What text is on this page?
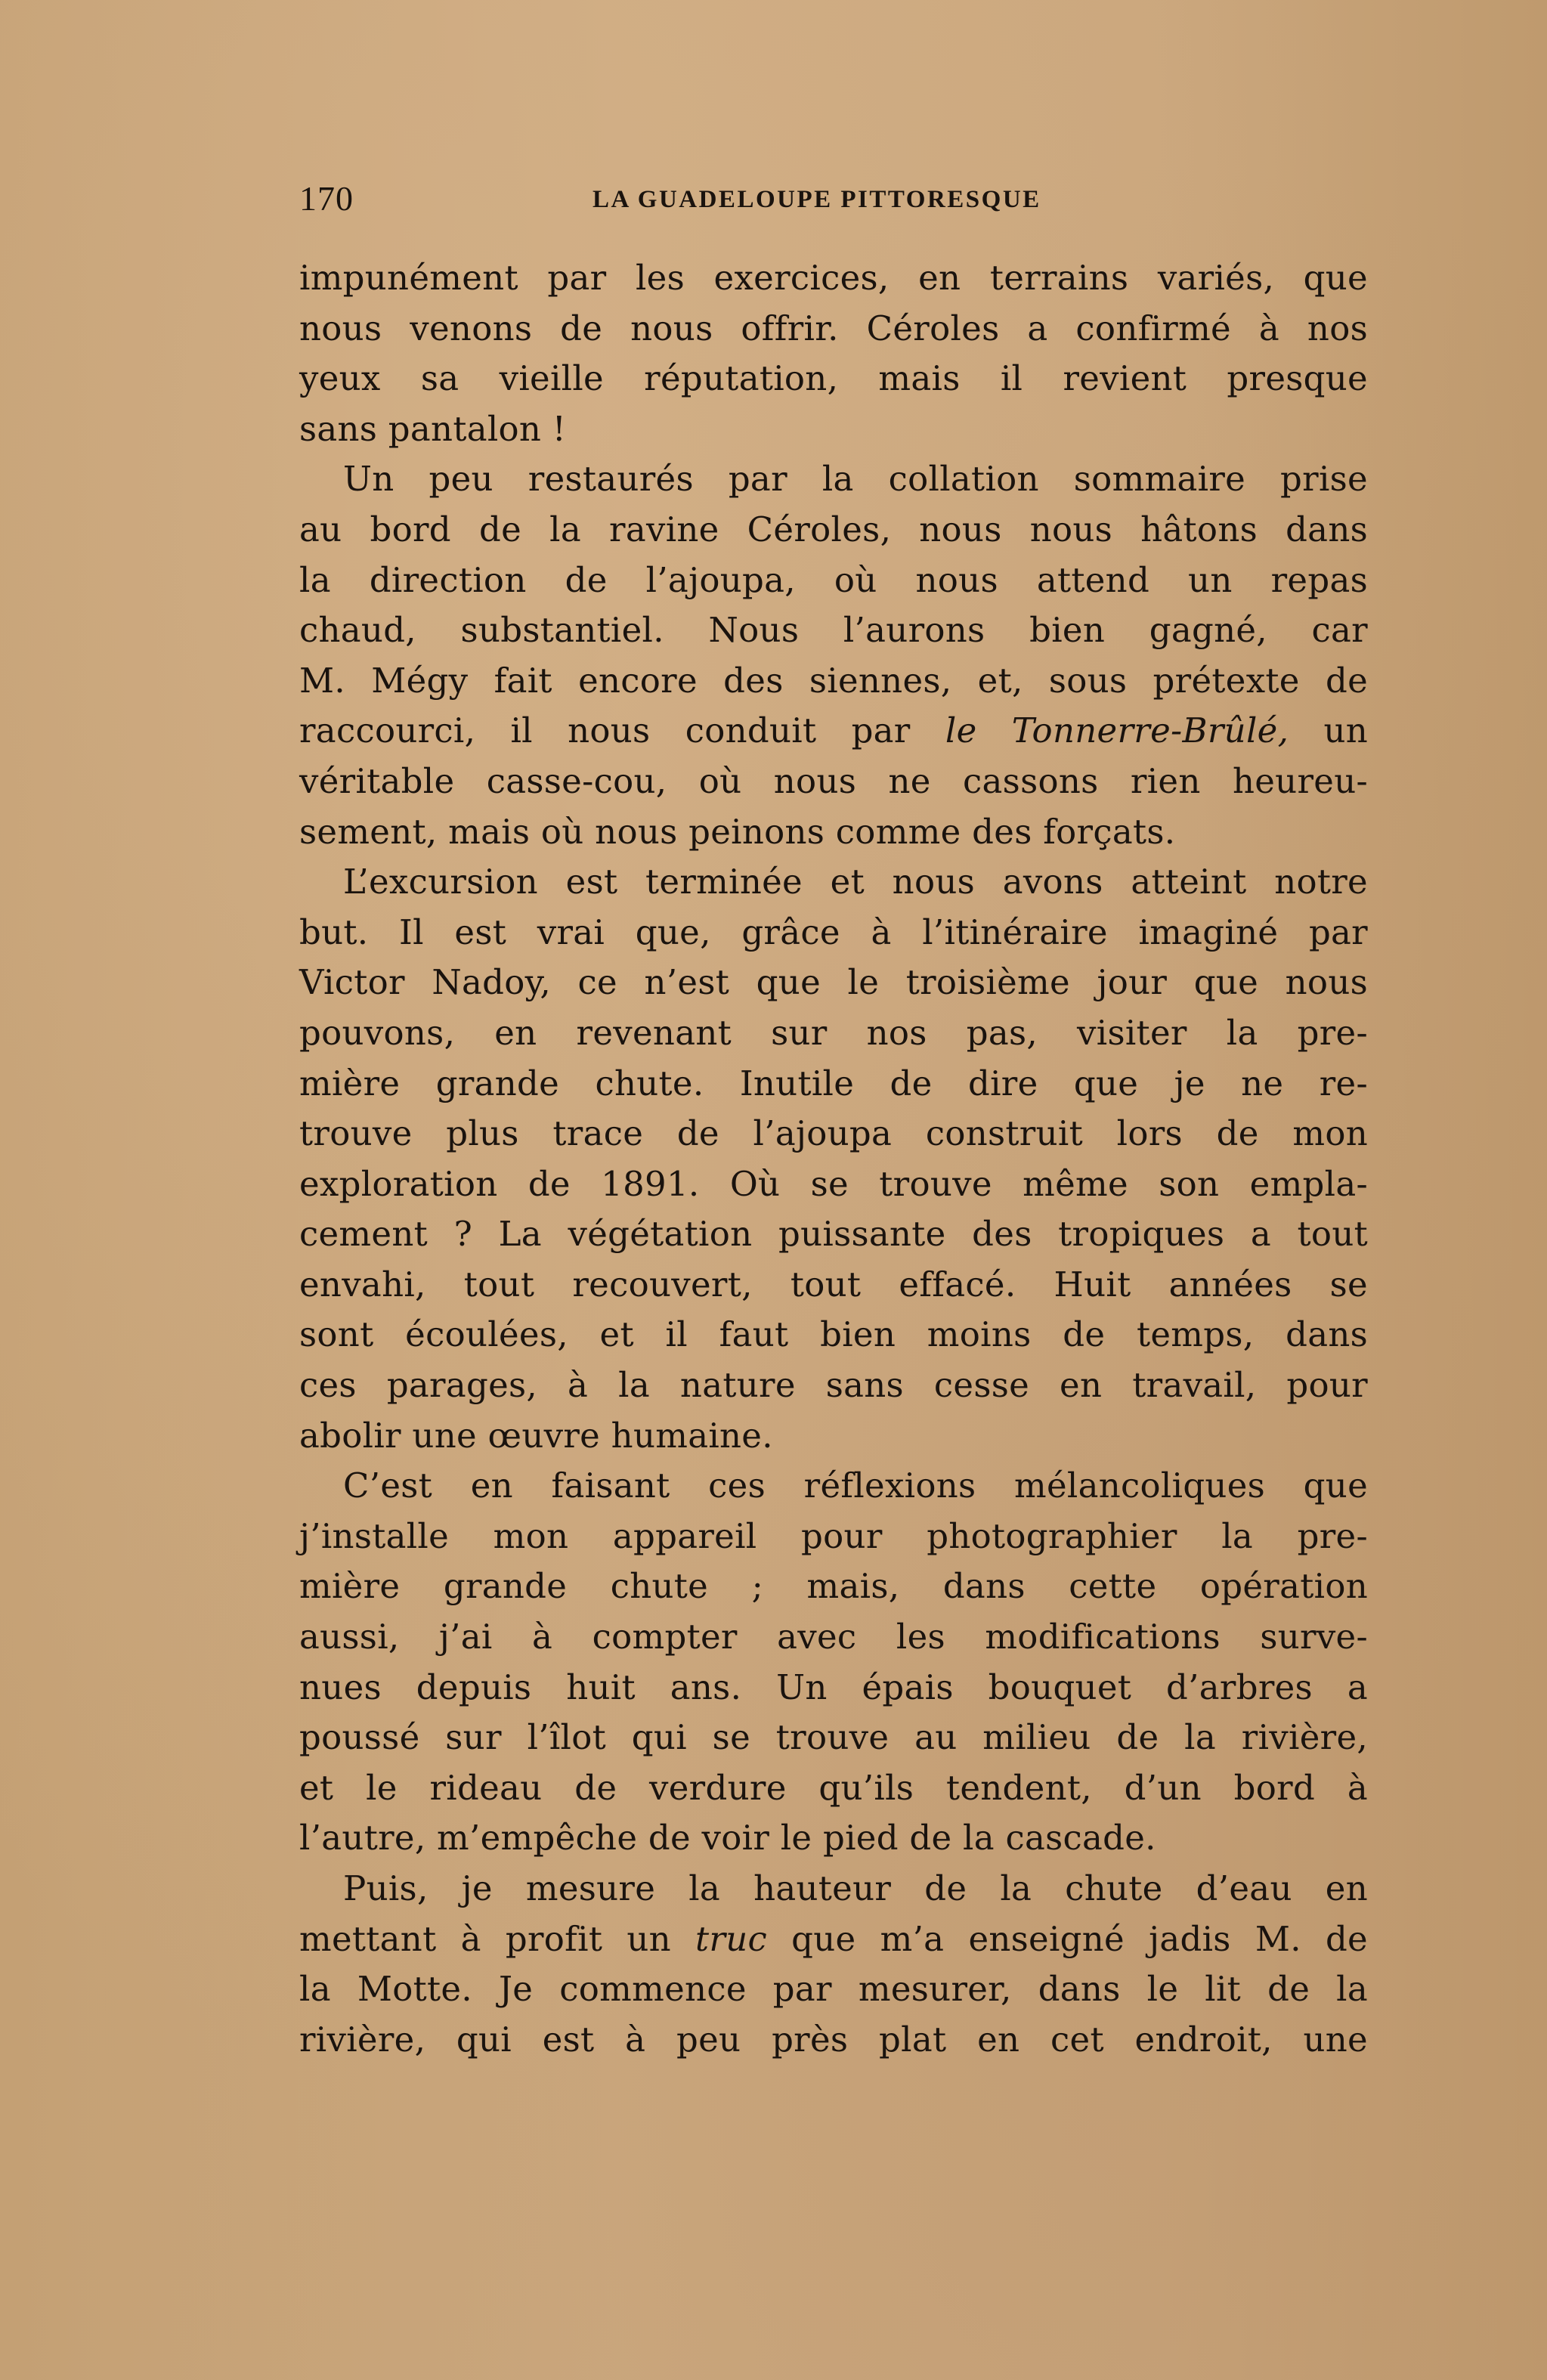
170	LA GUADELOUPE PITTORESQUE
impunément par les exercices, en terrains variés, que
nous venons de nous offrir. Céroles a confirmé à nos
yeux sa vieille réputation, mais il revient presque
sans pantalon !
Un peu restaurés par la collation sommaire prise
au bord de la ravine Céroles, nous nous hâtons dans
la direction de l’ajoupa, où nous attend un repas
chaud, substantiel. Nous l’aurons bien gagné, car
M. Mégy fait encore des siennes, et, sous prétexte de
raccourci, il nous conduit par le Tonnerre-Brûlé, un
véritable casse-cou, où nous ne cassons rien heureu-
sement, mais où nous peinons comme des forçats.
L’excursion est terminée et nous avons atteint notre
but. Il est vrai que, grâce à l’itinéraire imaginé par
Victor Nadoy, ce n’est que le troisième jour que nous
pouvons, en revenant sur nos pas, visiter la pre-
mière grande chute. Inutile de dire que je ne re-
trouve plus trace de l’ajoupa construit lors de mon
exploration de 1891. Où se trouve même son empla-
cement ? La végétation puissante des tropiques a tout
envahi, tout recouvert, tout effacé. Huit années se
sont écoulées, et il faut bien moins de temps, dans
ces parages, à la nature sans cesse en travail, pour
abolir une œuvre humaine.
C’est en faisant ces réflexions mélancoliques que
j’installe mon appareil pour photographier la pre-
mière grande chute ; mais, dans cette opération
aussi, j’ai à compter avec les modifications surve-
nues depuis huit ans. Un épais bouquet d’arbres a
poussé sur l’îlot qui se trouve au milieu de la rivière,
et le rideau de verdure qu’ils tendent, d’un bord à
l’autre, m’empêche de voir le pied de la cascade.
Puis, je mesure la hauteur de la chute d’eau en
mettant à profit un truc que m’a enseigné jadis M. de
la Motte. Je commence par mesurer, dans le lit de la
rivière, qui est à peu près plat en cet endroit, une
